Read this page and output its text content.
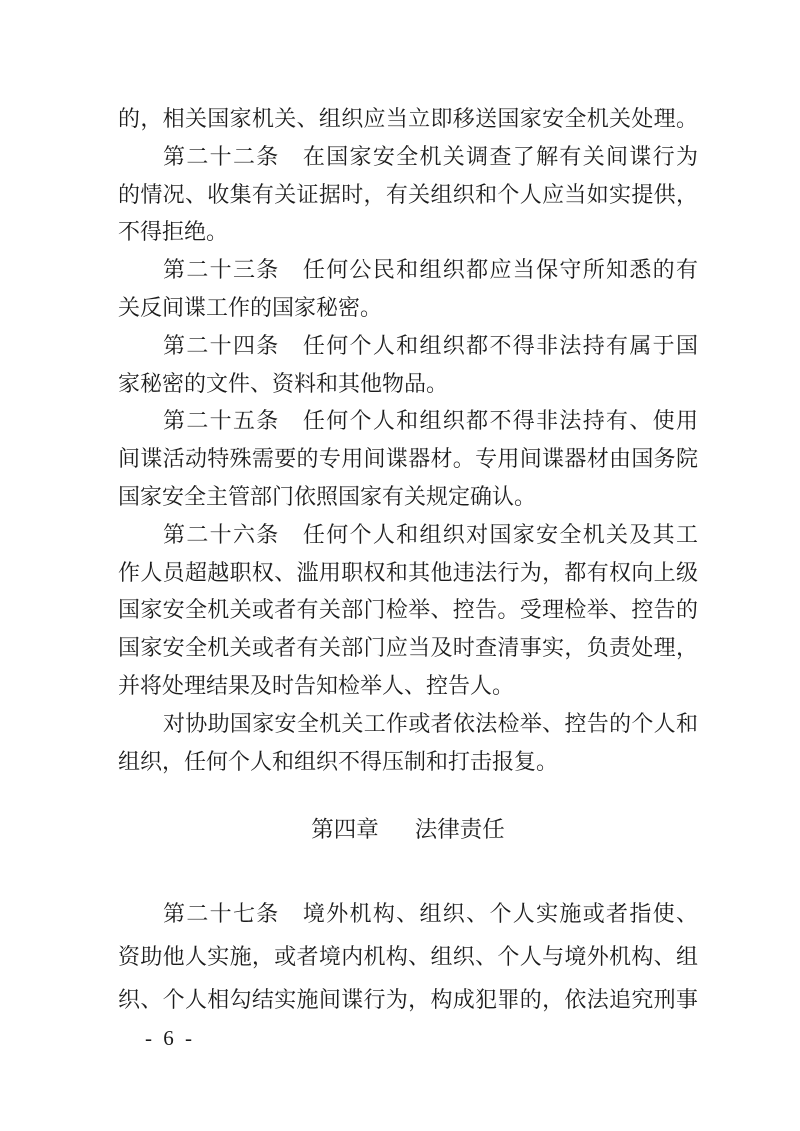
的，相关国家机关、组织应当立即移送国家安全机关处理。
第二十二条　在国家安全机关调查了解有关间谍行为
的情况、收集有关证据时，有关组织和个人应当如实提供，
不得拒绝。
第二十三条　任何公民和组织都应当保守所知悉的有
关反间谍工作的国家秘密。
第二十四条　任何个人和组织都不得非法持有属于国
家秘密的文件、资料和其他物品。
第二十五条　任何个人和组织都不得非法持有、使用
间谍活动特殊需要的专用间谍器材。专用间谍器材由国务院
国家安全主管部门依照国家有关规定确认。
第二十六条　任何个人和组织对国家安全机关及其工
作人员超越职权、滥用职权和其他违法行为，都有权向上级
国家安全机关或者有关部门检举、控告。受理检举、控告的
国家安全机关或者有关部门应当及时查清事实，负责处理，
并将处理结果及时告知检举人、控告人。
对协助国家安全机关工作或者依法检举、控告的个人和
组织，任何个人和组织不得压制和打击报复。
第四章 法律责任
第二十七条　境外机构、组织、个人实施或者指使、
资助他人实施，或者境内机构、组织、个人与境外机构、组
织、个人相勾结实施间谍行为，构成犯罪的，依法追究刑事
- 6 -
